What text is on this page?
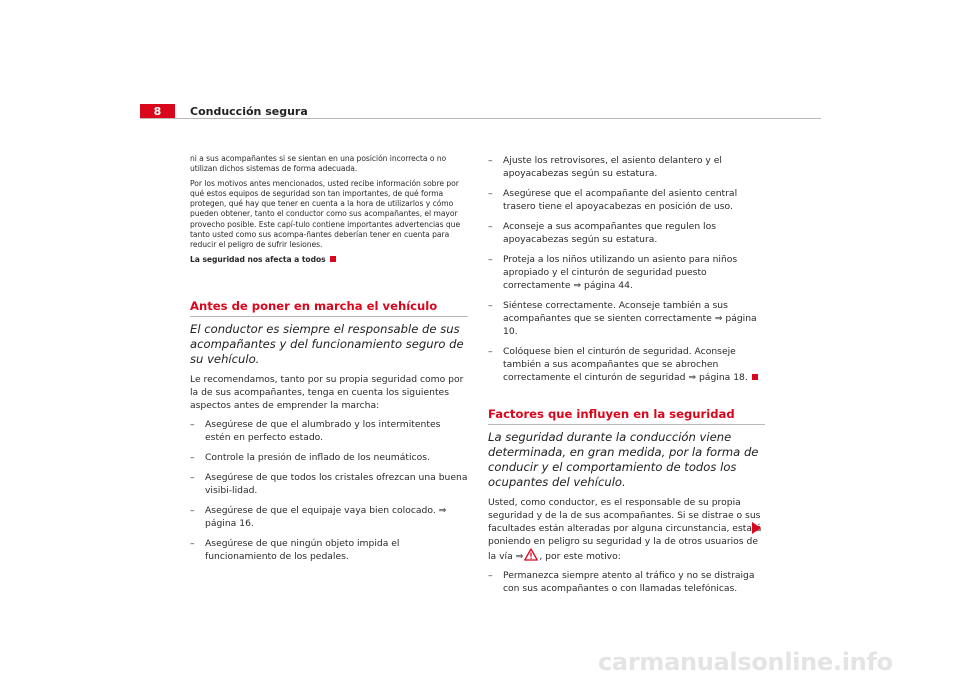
8	Conducción segura

ni a sus acompañantes si se sientan en una posición incorrecta o no utilizan dichos sistemas de forma adecuada.

Por los motivos antes mencionados, usted recibe información sobre por qué estos equipos de seguridad son tan importantes, de qué forma protegen, qué hay que tener en cuenta a la hora de utilizarlos y cómo pueden obtener, tanto el conductor como sus acompañantes, el mayor provecho posible. Este capí-tulo contiene importantes advertencias que tanto usted como sus acompa-ñantes deberían tener en cuenta para reducir el peligro de sufrir lesiones.

La seguridad nos afecta a todos

Antes de poner en marcha el vehículo

El conductor es siempre el responsable de sus acompañantes y del funcionamiento seguro de su vehículo.

Le recomendamos, tanto por su propia seguridad como por la de sus acompañantes, tenga en cuenta los siguientes aspectos antes de emprender la marcha:

– Asegúrese de que el alumbrado y los intermitentes estén en perfecto estado.
– Controle la presión de inflado de los neumáticos.
– Asegúrese de que todos los cristales ofrezcan una buena visibi-lidad.
– Asegúrese de que el equipaje vaya bien colocado. ⇒ página 16.
– Asegúrese de que ningún objeto impida el funcionamiento de los pedales.
– Ajuste los retrovisores, el asiento delantero y el apoyacabezas según su estatura.
– Asegúrese que el acompañante del asiento central trasero tiene el apoyacabezas en posición de uso.
– Aconseje a sus acompañantes que regulen los apoyacabezas según su estatura.
– Proteja a los niños utilizando un asiento para niños apropiado y el cinturón de seguridad puesto correctamente ⇒ página 44.
– Siéntese correctamente. Aconseje también a sus acompañantes que se sienten correctamente ⇒ página 10.
– Colóquese bien el cinturón de seguridad. Aconseje también a sus acompañantes que se abrochen correctamente el cinturón de seguridad ⇒ página 18.
Factores que influyen en la seguridad

La seguridad durante la conducción viene determinada, en gran medida, por la forma de conducir y el comportamiento de todos los ocupantes del vehículo.

Usted, como conductor, es el responsable de su propia seguridad y de la de sus acompañantes. Si se distrae o sus facultades están alteradas por alguna circunstancia, estará poniendo en peligro su seguridad y la de otros usuarios de la vía ⇒ , por este motivo:

– Permanezca siempre atento al tráfico y no se distraiga con sus acompañantes o con llamadas telefónicas.
carmanualsonline.info
